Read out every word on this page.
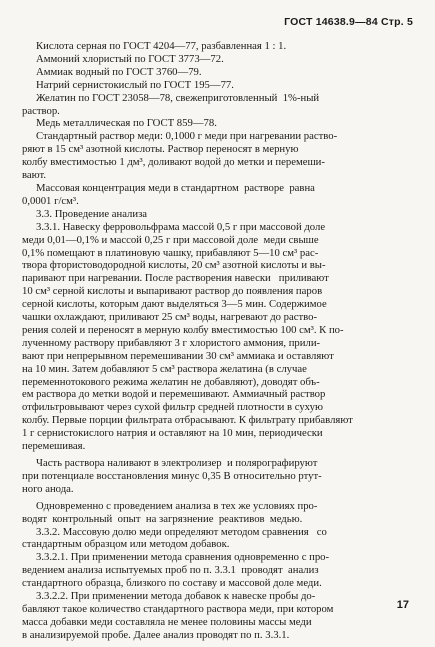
ГОСТ 14638.9—84 Стр. 5
Кислота серная по ГОСТ 4204—77, разбавленная 1 : 1.
Аммоний хлористый по ГОСТ 3773—72.
Аммиак водный по ГОСТ 3760—79.
Натрий сернистокислый по ГОСТ 195—77.
Желатин по ГОСТ 23058—78, свежеприготовленный  1%-ный
раствор.
Медь металлическая по ГОСТ 859—78.
Стандартный раствор меди: 0,1000 г меди при нагревании раство-
ряют в 15 см³ азотной кислоты. Раствор переносят в мерную
колбу вместимостью 1 дм³, доливают водой до метки и перемеши-
вают.
Массовая концентрация меди в стандартном  растворе  равна
0,0001 г/см³.
3.3. Проведение анализа
3.3.1. Навеску ферровольфрама массой 0,5 г при массовой доле
меди 0,01—0,1% и массой 0,25 г при массовой доле  меди свыше
0,1% помещают в платиновую чашку, прибавляют 5—10 см³ рас-
твора фтористоводородной кислоты, 20 см³ азотной кислоты и вы-
паривают при нагревании. После растворения навески   приливают
10 см³ серной кислоты и выпаривают раствор до появления паров
серной кислоты, которым дают выделяться 3—5 мин. Содержимое
чашки охлаждают, приливают 25 см³ воды, нагревают до раство-
рения солей и переносят в мерную колбу вместимостью 100 см³. К по-
лученному раствору прибавляют 3 г хлористого аммония, прили-
вают при непрерывном перемешивании 30 см³ аммиака и оставляют
на 10 мин. Затем добавляют 5 см³ раствора желатина (в случае
переменнотокового режима желатин не добавляют), доводят объ-
ем раствора до метки водой и перемешивают. Аммиачный раствор
отфильтровывают через сухой фильтр средней плотности в сухую
колбу. Первые порции фильтрата отбрасывают. К фильтрату прибавляют
1 г сернистокислого натрия и оставляют на 10 мин, периодически
перемешивая.
Часть раствора наливают в электролизер  и полярографируют
при потенциале восстановления минус 0,35 В относительно ртут-
ного анода.
Одновременно с проведением анализа в тех же условиях про-
водят  контрольный  опыт  на загрязнение  реактивов  медью.
3.3.2. Массовую долю меди определяют методом сравнения   со
стандартным образцом или методом добавок.
3.3.2.1. При применении метода сравнения одновременно с про-
ведением анализа испытуемых проб по п. 3.3.1  проводят  анализ
стандартного образца, близкого по составу и массовой доле меди.
3.3.2.2. При применении метода добавок к навеске пробы до-
бавляют такое количество стандартного раствора меди, при котором
масса добавки меди составляла не менее половины массы меди
в анализируемой пробе. Далее анализ проводят по п. 3.3.1.
17
